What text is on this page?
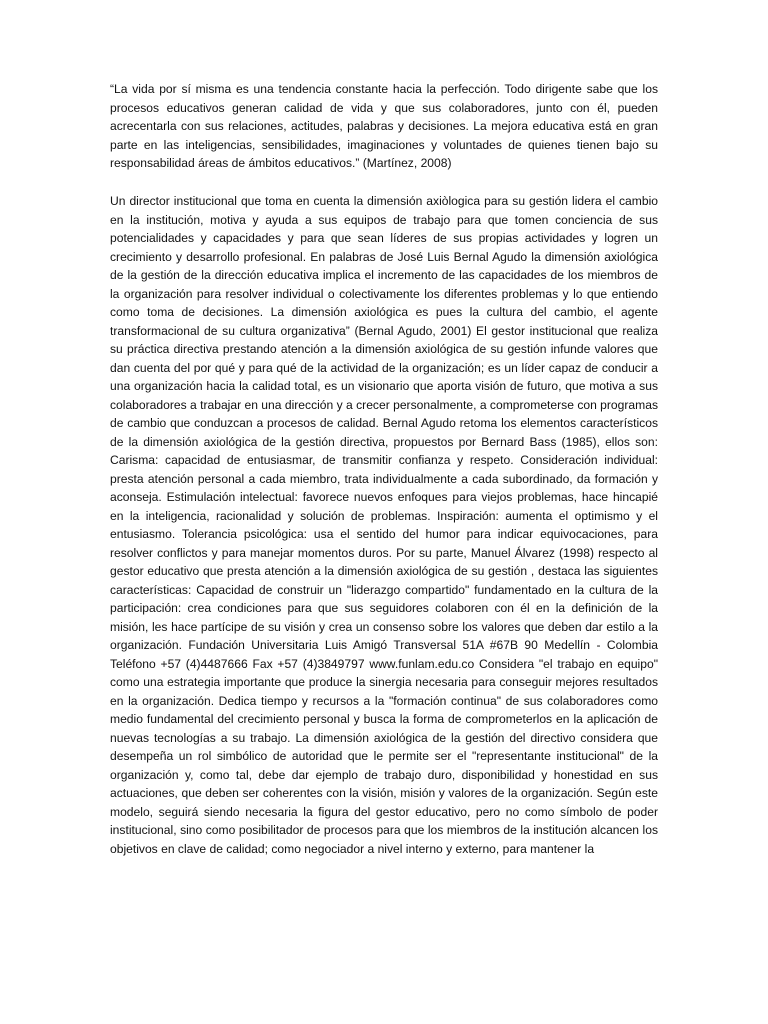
“La vida por sí misma es una tendencia constante hacia la perfección. Todo dirigente sabe que los procesos educativos generan calidad de vida y que sus colaboradores, junto con él, pueden acrecentarla con sus relaciones, actitudes, palabras y decisiones. La mejora educativa está en gran parte en las inteligencias, sensibilidades, imaginaciones y voluntades de quienes tienen bajo su responsabilidad áreas de ámbitos educativos.” (Martínez, 2008)

Un director institucional que toma en cuenta la dimensión axiòlogica para su gestión lidera el cambio en la institución, motiva y ayuda a sus equipos de trabajo para que tomen conciencia de sus potencialidades y capacidades y para que sean líderes de sus propias actividades y logren un crecimiento y desarrollo profesional. En palabras de José Luis Bernal Agudo la dimensión axiológica de la gestión de la dirección educativa implica el incremento de las capacidades de los miembros de la organización para resolver individual o colectivamente los diferentes problemas y lo que entiendo como toma de decisiones. La dimensión axiológica es pues la cultura del cambio, el agente transformacional de su cultura organizativa” (Bernal Agudo, 2001) El gestor institucional que realiza su práctica directiva prestando atención a la dimensión axiológica de su gestión infunde valores que dan cuenta del por qué y para qué de la actividad de la organización; es un líder capaz de conducir a una organización hacia la calidad total, es un visionario que aporta visión de futuro, que motiva a sus colaboradores a trabajar en una dirección y a crecer personalmente, a comprometerse con programas de cambio que conduzcan a procesos de calidad. Bernal Agudo retoma los elementos característicos de la dimensión axiológica de la gestión directiva, propuestos por Bernard Bass (1985), ellos son: Carisma: capacidad de entusiasmar, de transmitir confianza y respeto. Consideración individual: presta atención personal a cada miembro, trata individualmente a cada subordinado, da formación y aconseja. Estimulación intelectual: favorece nuevos enfoques para viejos problemas, hace hincapié en la inteligencia, racionalidad y solución de problemas. Inspiración: aumenta el optimismo y el entusiasmo. Tolerancia psicológica: usa el sentido del humor para indicar equivocaciones, para resolver conflictos y para manejar momentos duros. Por su parte, Manuel Álvarez (1998) respecto al gestor educativo que presta atención a la dimensión axiológica de su gestión , destaca las siguientes características: Capacidad de construir un "liderazgo compartido" fundamentado en la cultura de la participación: crea condiciones para que sus seguidores colaboren con él en la definición de la misión, les hace partícipe de su visión y crea un consenso sobre los valores que deben dar estilo a la organización. Fundación Universitaria Luis Amigó Transversal 51A #67B 90 Medellín - Colombia Teléfono +57 (4)4487666 Fax +57 (4)3849797 www.funlam.edu.co Considera "el trabajo en equipo" como una estrategia importante que produce la sinergia necesaria para conseguir mejores resultados en la organización. Dedica tiempo y recursos a la "formación continua" de sus colaboradores como medio fundamental del crecimiento personal y busca la forma de comprometerlos en la aplicación de nuevas tecnologías a su trabajo. La dimensión axiológica de la gestión del directivo considera que desempeña un rol simbólico de autoridad que le permite ser el "representante institucional" de la organización y, como tal, debe dar ejemplo de trabajo duro, disponibilidad y honestidad en sus actuaciones, que deben ser coherentes con la visión, misión y valores de la organización. Según este modelo, seguirá siendo necesaria la figura del gestor educativo, pero no como símbolo de poder institucional, sino como posibilitador de procesos para que los miembros de la institución alcancen los objetivos en clave de calidad; como negociador a nivel interno y externo, para mantener la
